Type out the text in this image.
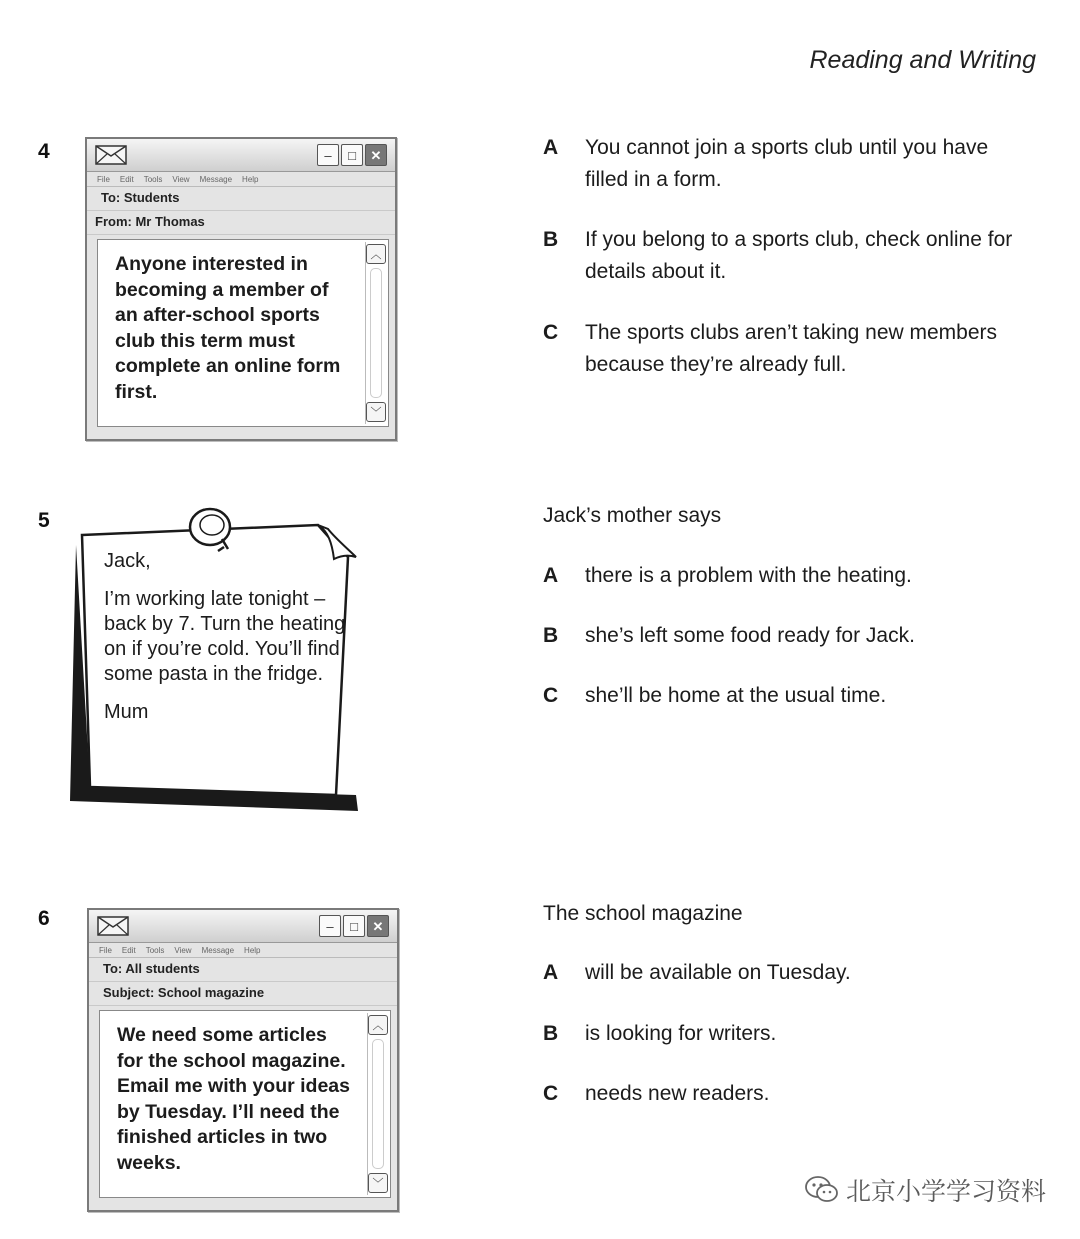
Reading and Writing
4	–	□	✕
File Edit Tools View Message Help
To: Students
From: Mr Thomas
Anyone interested in becoming a member of an after-school sports club this term must complete an online form first.
︿
﹀
A	You cannot join a sports club until you have filled in a form.
B	If you belong to a sports club, check online for details about it.
C	The sports clubs aren’t taking new members because they’re already full.
5

Jack,

I’m working late tonight – back by 7. Turn the heating on if you’re cold. You’ll find some pasta in the fridge.

Mum

Jack’s mother says
A	there is a problem with the heating.
B	she’s left some food ready for Jack.
C	she’ll be home at the usual time.
6	–	□	✕
File Edit Tools View Message Help
To: All students
Subject: School magazine
We need some articles for the school magazine. Email me with your ideas by Tuesday. I’ll need the finished articles in two weeks.
︿
﹀
The school magazine
A	will be available on Tuesday.
B	is looking for writers.
C	needs new readers.
北京小学学习资料
